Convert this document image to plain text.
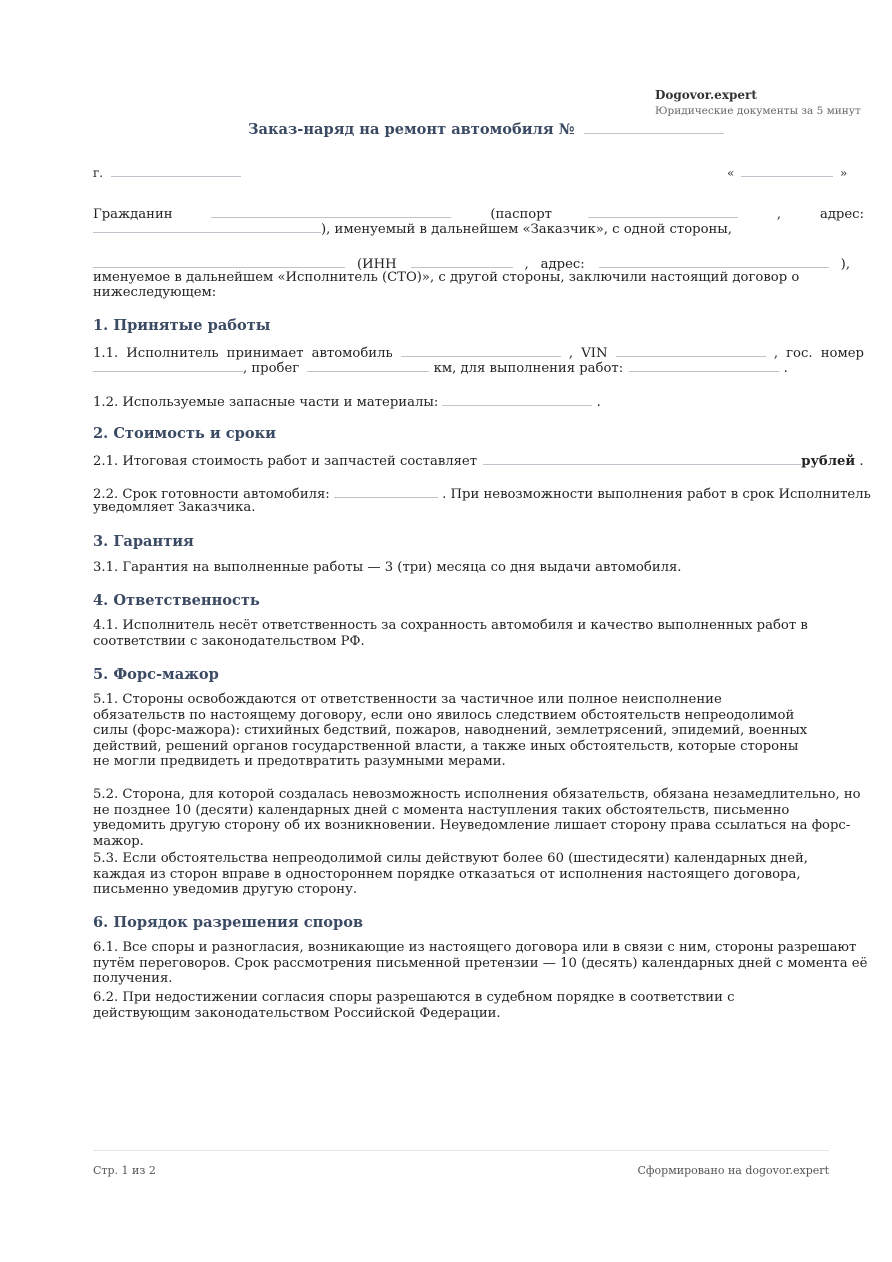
Dogovor.expert
Юридические документы за 5 минут
Заказ-наряд на ремонт автомобиля №
г.	«	»
Гражданин	(паспорт	,	адрес:
), именуемый в дальнейшем «Заказчик», с одной стороны,
(ИНН	, адрес:	),
именуемое в дальнейшем «Исполнитель (СТО)», с другой стороны, заключили настоящий договор о
нижеследующем:
1. Принятые работы
1.1. Исполнитель принимает автомобиль	, VIN	, гос. номер
, пробег	км, для выполнения работ:	.
1.2. Используемые запасные части и материалы:	.
2. Стоимость и сроки
2.1. Итоговая стоимость работ и запчастей составляет	рублей .
2.2. Срок готовности автомобиля:	. При невозможности выполнения работ в срок Исполнитель
уведомляет Заказчика.
3. Гарантия
3.1. Гарантия на выполненные работы — 3 (три) месяца со дня выдачи автомобиля.
4. Ответственность
4.1. Исполнитель несёт ответственность за сохранность автомобиля и качество выполненных работ в соответствии с законодательством РФ.
5. Форс-мажор
5.1. Стороны освобождаются от ответственности за частичное или полное неисполнение обязательств по настоящему договору, если оно явилось следствием обстоятельств непреодолимой силы (форс-мажора): стихийных бедствий, пожаров, наводнений, землетрясений, эпидемий, военных действий, решений органов государственной власти, а также иных обстоятельств, которые стороны не могли предвидеть и предотвратить разумными мерами.
5.2. Сторона, для которой создалась невозможность исполнения обязательств, обязана незамедлительно, но не позднее 10 (десяти) календарных дней с момента наступления таких обстоятельств, письменно уведомить другую сторону об их возникновении. Неуведомление лишает сторону права ссылаться на форс-мажор.
5.3. Если обстоятельства непреодолимой силы действуют более 60 (шестидесяти) календарных дней, каждая из сторон вправе в одностороннем порядке отказаться от исполнения настоящего договора, письменно уведомив другую сторону.
6. Порядок разрешения споров
6.1. Все споры и разногласия, возникающие из настоящего договора или в связи с ним, стороны разрешают путём переговоров. Срок рассмотрения письменной претензии — 10 (десять) календарных дней с момента её получения.
6.2. При недостижении согласия споры разрешаются в судебном порядке в соответствии с действующим законодательством Российской Федерации.
Стр. 1 из 2	Сформировано на dogovor.expert
